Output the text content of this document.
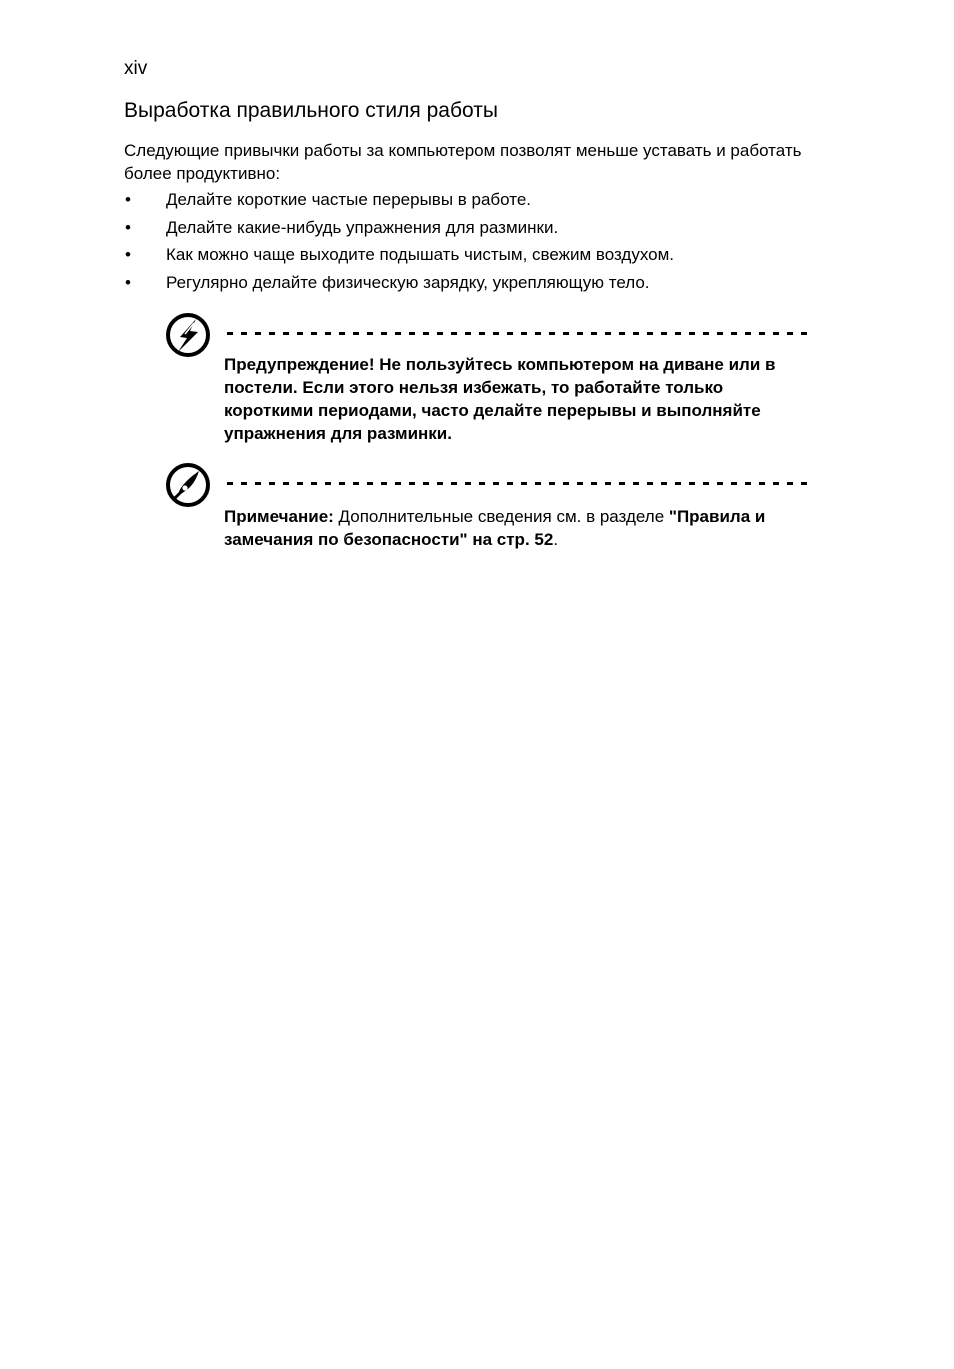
xiv
Выработка правильного стиля работы

Следующие привычки работы за компьютером позволят меньше уставать и работать более продуктивно:

• Делайте короткие частые перерывы в работе.
• Делайте какие-нибудь упражнения для разминки.
• Как можно чаще выходите подышать чистым, свежим воздухом.
• Регулярно делайте физическую зарядку, укрепляющую тело.

Предупреждение! Не пользуйтесь компьютером на диване или в постели. Если этого нельзя избежать, то работайте только короткими периодами, часто делайте перерывы и выполняйте упражнения для разминки.

Примечание: Дополнительные сведения см. в разделе "Правила и замечания по безопасности" на стр. 52.
